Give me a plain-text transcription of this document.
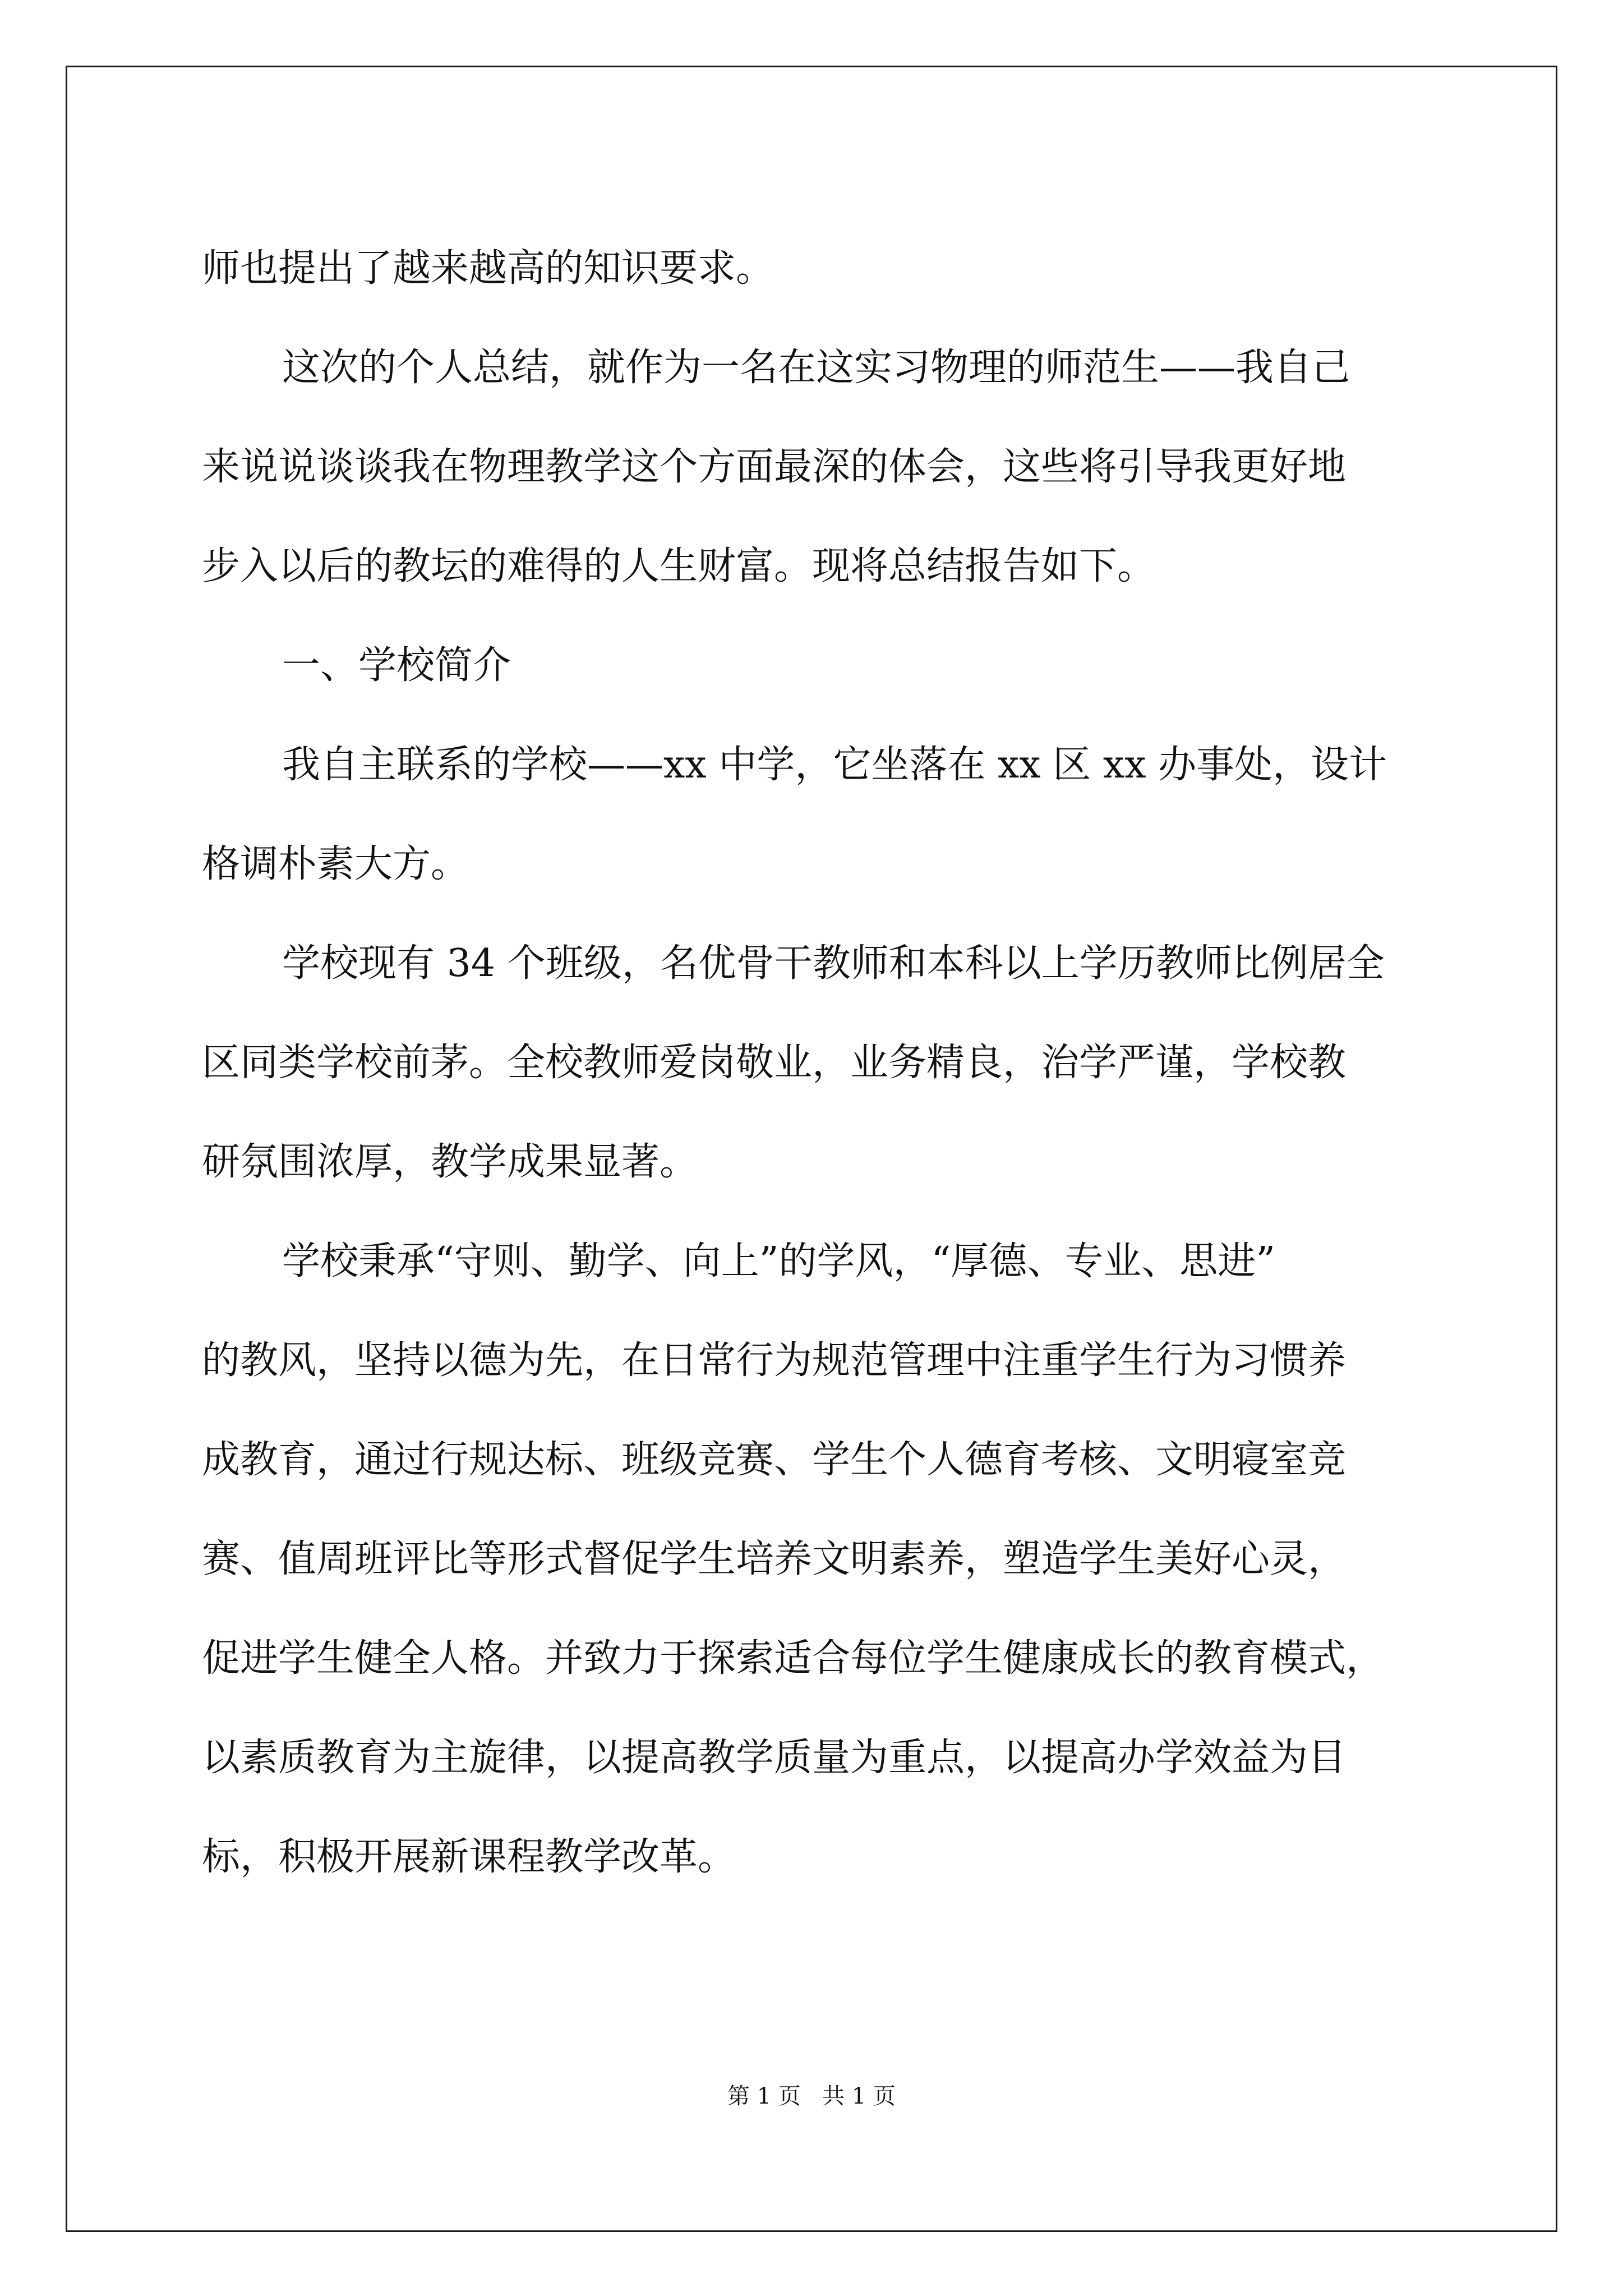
师也提出了越来越高的知识要求。

这次的个人总结，就作为一名在这实习物理的师范生——我自己

来说说谈谈我在物理教学这个方面最深的体会，这些将引导我更好地

步入以后的教坛的难得的人生财富。现将总结报告如下。

一、学校简介

我自主联系的学校——xx 中学，它坐落在 xx 区 xx 办事处，设计

格调朴素大方。

学校现有 34 个班级，名优骨干教师和本科以上学历教师比例居全

区同类学校前茅。全校教师爱岗敬业，业务精良，治学严谨，学校教

研氛围浓厚，教学成果显著。

学校秉承“守则、勤学、向上”的学风，“厚德、专业、思进”

的教风，坚持以德为先，在日常行为规范管理中注重学生行为习惯养

成教育，通过行规达标、班级竞赛、学生个人德育考核、文明寝室竞

赛、值周班评比等形式督促学生培养文明素养，塑造学生美好心灵，

促进学生健全人格。并致力于探索适合每位学生健康成长的教育模式，

以素质教育为主旋律，以提高教学质量为重点，以提高办学效益为目

标，积极开展新课程教学改革。

第 1 页   共 1 页
